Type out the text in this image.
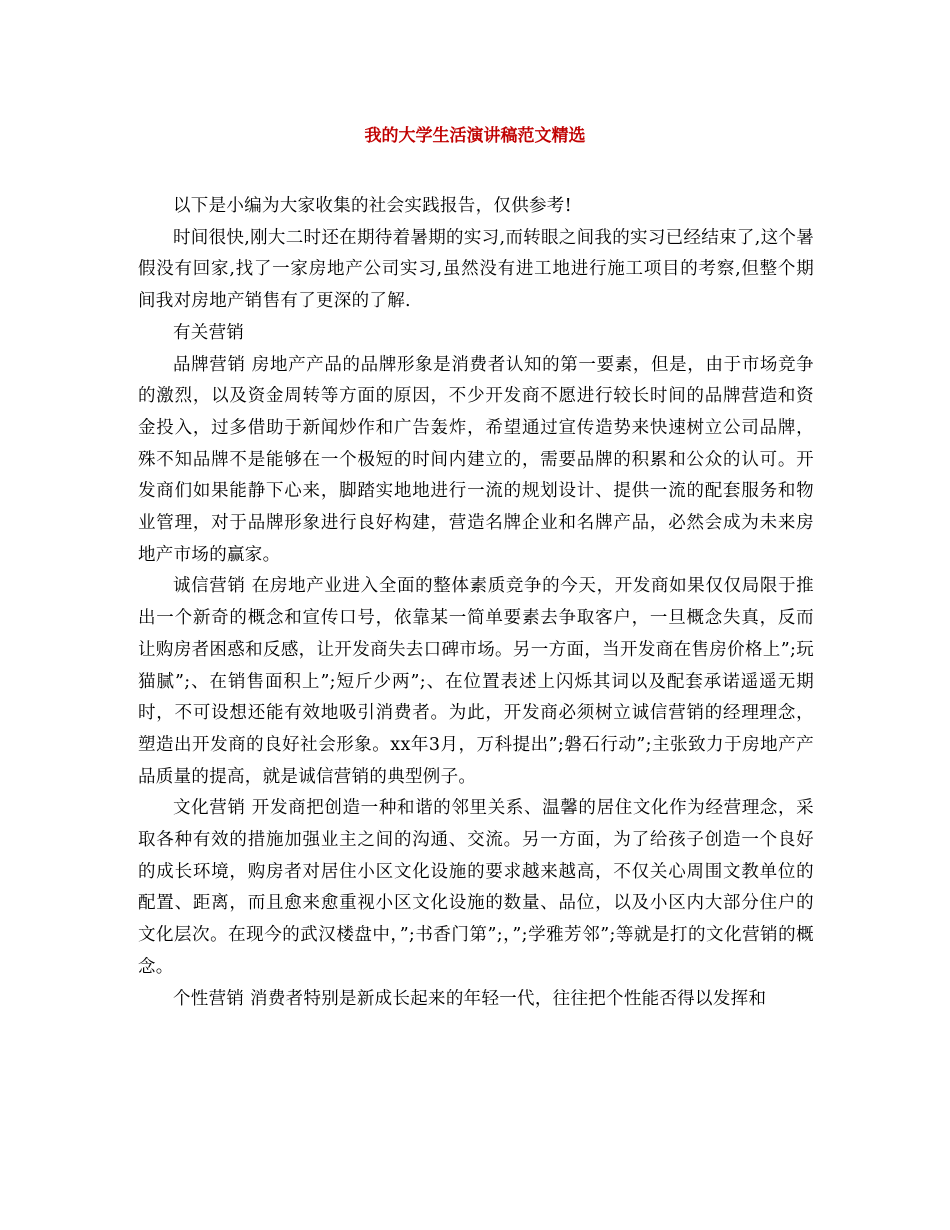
我的大学生活演讲稿范文精选

以下是小编为大家收集的社会实践报告，仅供参考!

时间很快,刚大二时还在期待着暑期的实习,而转眼之间我的实习已经结束了,这个暑假没有回家,找了一家房地产公司实习,虽然没有进工地进行施工项目的考察,但整个期间我对房地产销售有了更深的了解.

有关营销

品牌营销 房地产产品的品牌形象是消费者认知的第一要素，但是，由于市场竞争的激烈，以及资金周转等方面的原因，不少开发商不愿进行较长时间的品牌营造和资金投入，过多借助于新闻炒作和广告轰炸，希望通过宣传造势来快速树立公司品牌，殊不知品牌不是能够在一个极短的时间内建立的，需要品牌的积累和公众的认可。开发商们如果能静下心来，脚踏实地地进行一流的规划设计、提供一流的配套服务和物业管理，对于品牌形象进行良好构建，营造名牌企业和名牌产品，必然会成为未来房地产市场的赢家。

诚信营销 在房地产业进入全面的整体素质竞争的今天，开发商如果仅仅局限于推出一个新奇的概念和宣传口号，依靠某一简单要素去争取客户，一旦概念失真，反而让购房者困惑和反感，让开发商失去口碑市场。另一方面，当开发商在售房价格上”;玩猫腻”;、在销售面积上”;短斤少两”;、在位置表述上闪烁其词以及配套承诺遥遥无期时，不可设想还能有效地吸引消费者。为此，开发商必须树立诚信营销的经理理念，塑造出开发商的良好社会形象。xx年3月，万科提出”;磐石行动”;主张致力于房地产产品质量的提高，就是诚信营销的典型例子。

文化营销 开发商把创造一种和谐的邻里关系、温馨的居住文化作为经营理念，采取各种有效的措施加强业主之间的沟通、交流。另一方面，为了给孩子创造一个良好的成长环境，购房者对居住小区文化设施的要求越来越高，不仅关心周围文教单位的配置、距离，而且愈来愈重视小区文化设施的数量、品位，以及小区内大部分住户的文化层次。在现今的武汉楼盘中，”;书香门第”;，”;学雅芳邻”;等就是打的文化营销的概念。

个性营销 消费者特别是新成长起来的年轻一代，往往把个性能否得以发挥和
